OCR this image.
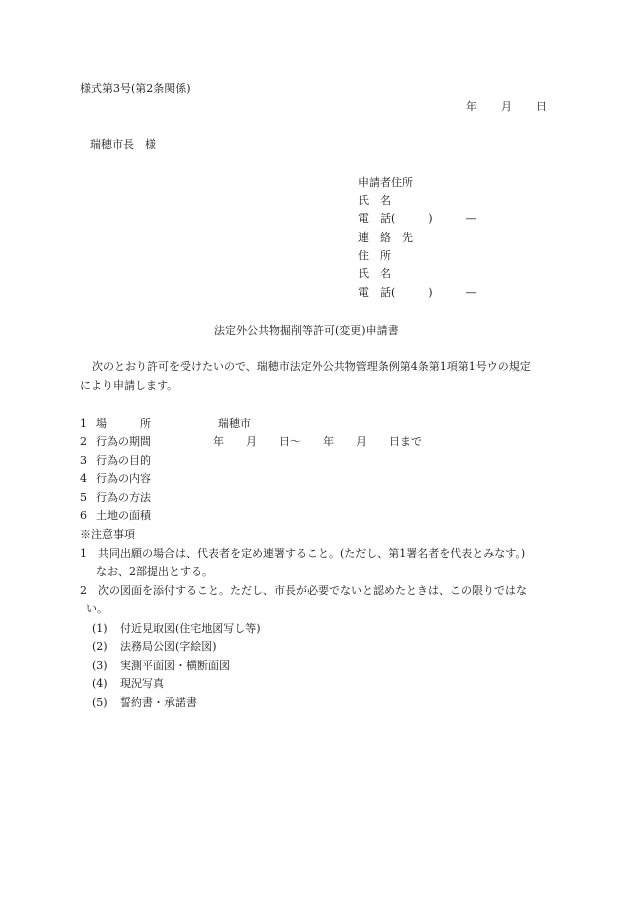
様式第3号(第2条関係)
年 月 日
瑞穂市長　様
申請者住所
氏　名
電　話(　　　)　　　—
連　絡　先
住　所
氏　名
電　話(　　　)　　　—
法定外公共物掘削等許可(変更)申請書
次のとおり許可を受けたいので、瑞穂市法定外公共物管理条例第4条第1項第1号ウの規定
により申請します。
1 場　　　所	瑞穂市
2 行為の期間	年　　月　　日～　　年　　月　　日まで
3 行為の目的
4 行為の内容
5 行為の方法
6 土地の面積
※注意事項
1　共同出願の場合は、代表者を定め連署すること。(ただし、第1署名者を代表とみなす。)
なお、2部提出とする。
2　次の図面を添付すること。ただし、市長が必要でないと認めたときは、この限りではな
い。
(1) 付近見取図(住宅地図写し等)
(2) 法務局公図(字絵図)
(3) 実測平面図・横断面図
(4) 現況写真
(5) 誓約書・承諾書
